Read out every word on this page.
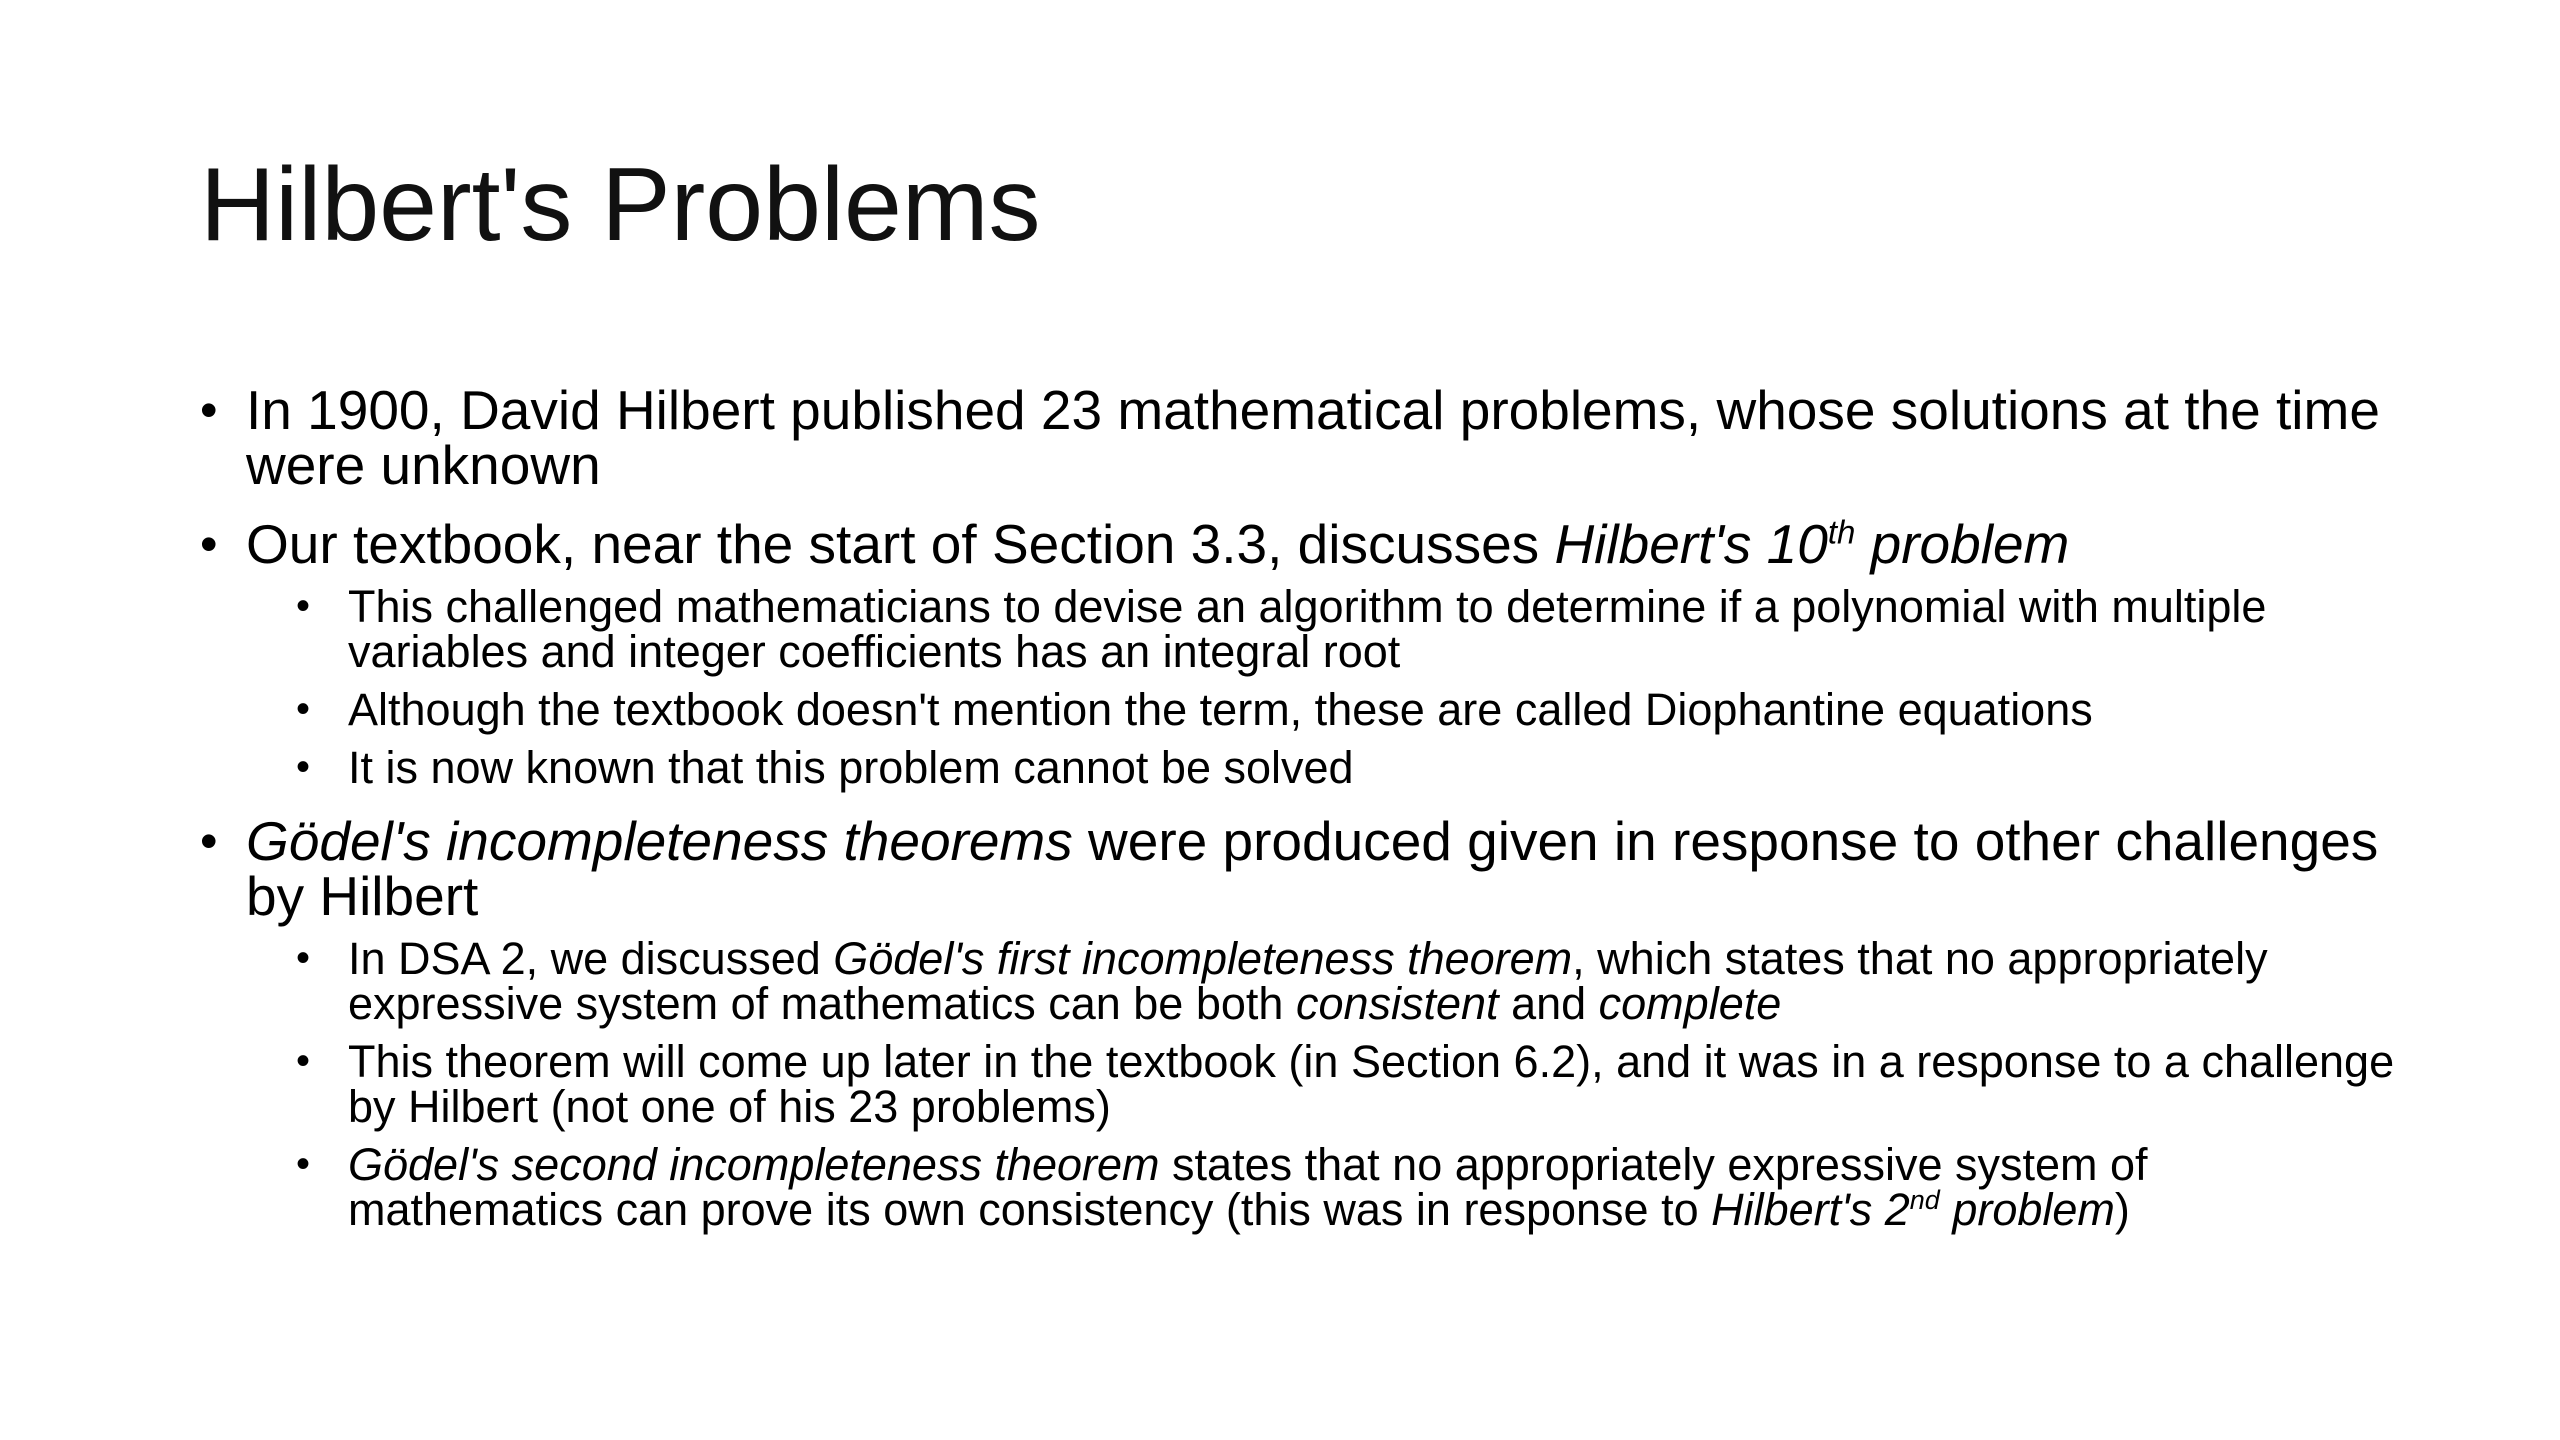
Hilbert's Problems
• In 1900, David Hilbert published 23 mathematical problems, whose solutions at the time were unknown
• Our textbook, near the start of Section 3.3, discusses Hilbert's 10th problem
• This challenged mathematicians to devise an algorithm to determine if a polynomial with multiple variables and integer coefficients has an integral root
• Although the textbook doesn't mention the term, these are called Diophantine equations
• It is now known that this problem cannot be solved
• Gödel's incompleteness theorems were produced given in response to other challenges by Hilbert
• In DSA 2, we discussed Gödel's first incompleteness theorem, which states that no appropriately expressive system of mathematics can be both consistent and complete
• This theorem will come up later in the textbook (in Section 6.2), and it was in a response to a challenge by Hilbert (not one of his 23 problems)
• Gödel's second incompleteness theorem states that no appropriately expressive system of mathematics can prove its own consistency (this was in response to Hilbert's 2nd problem)
